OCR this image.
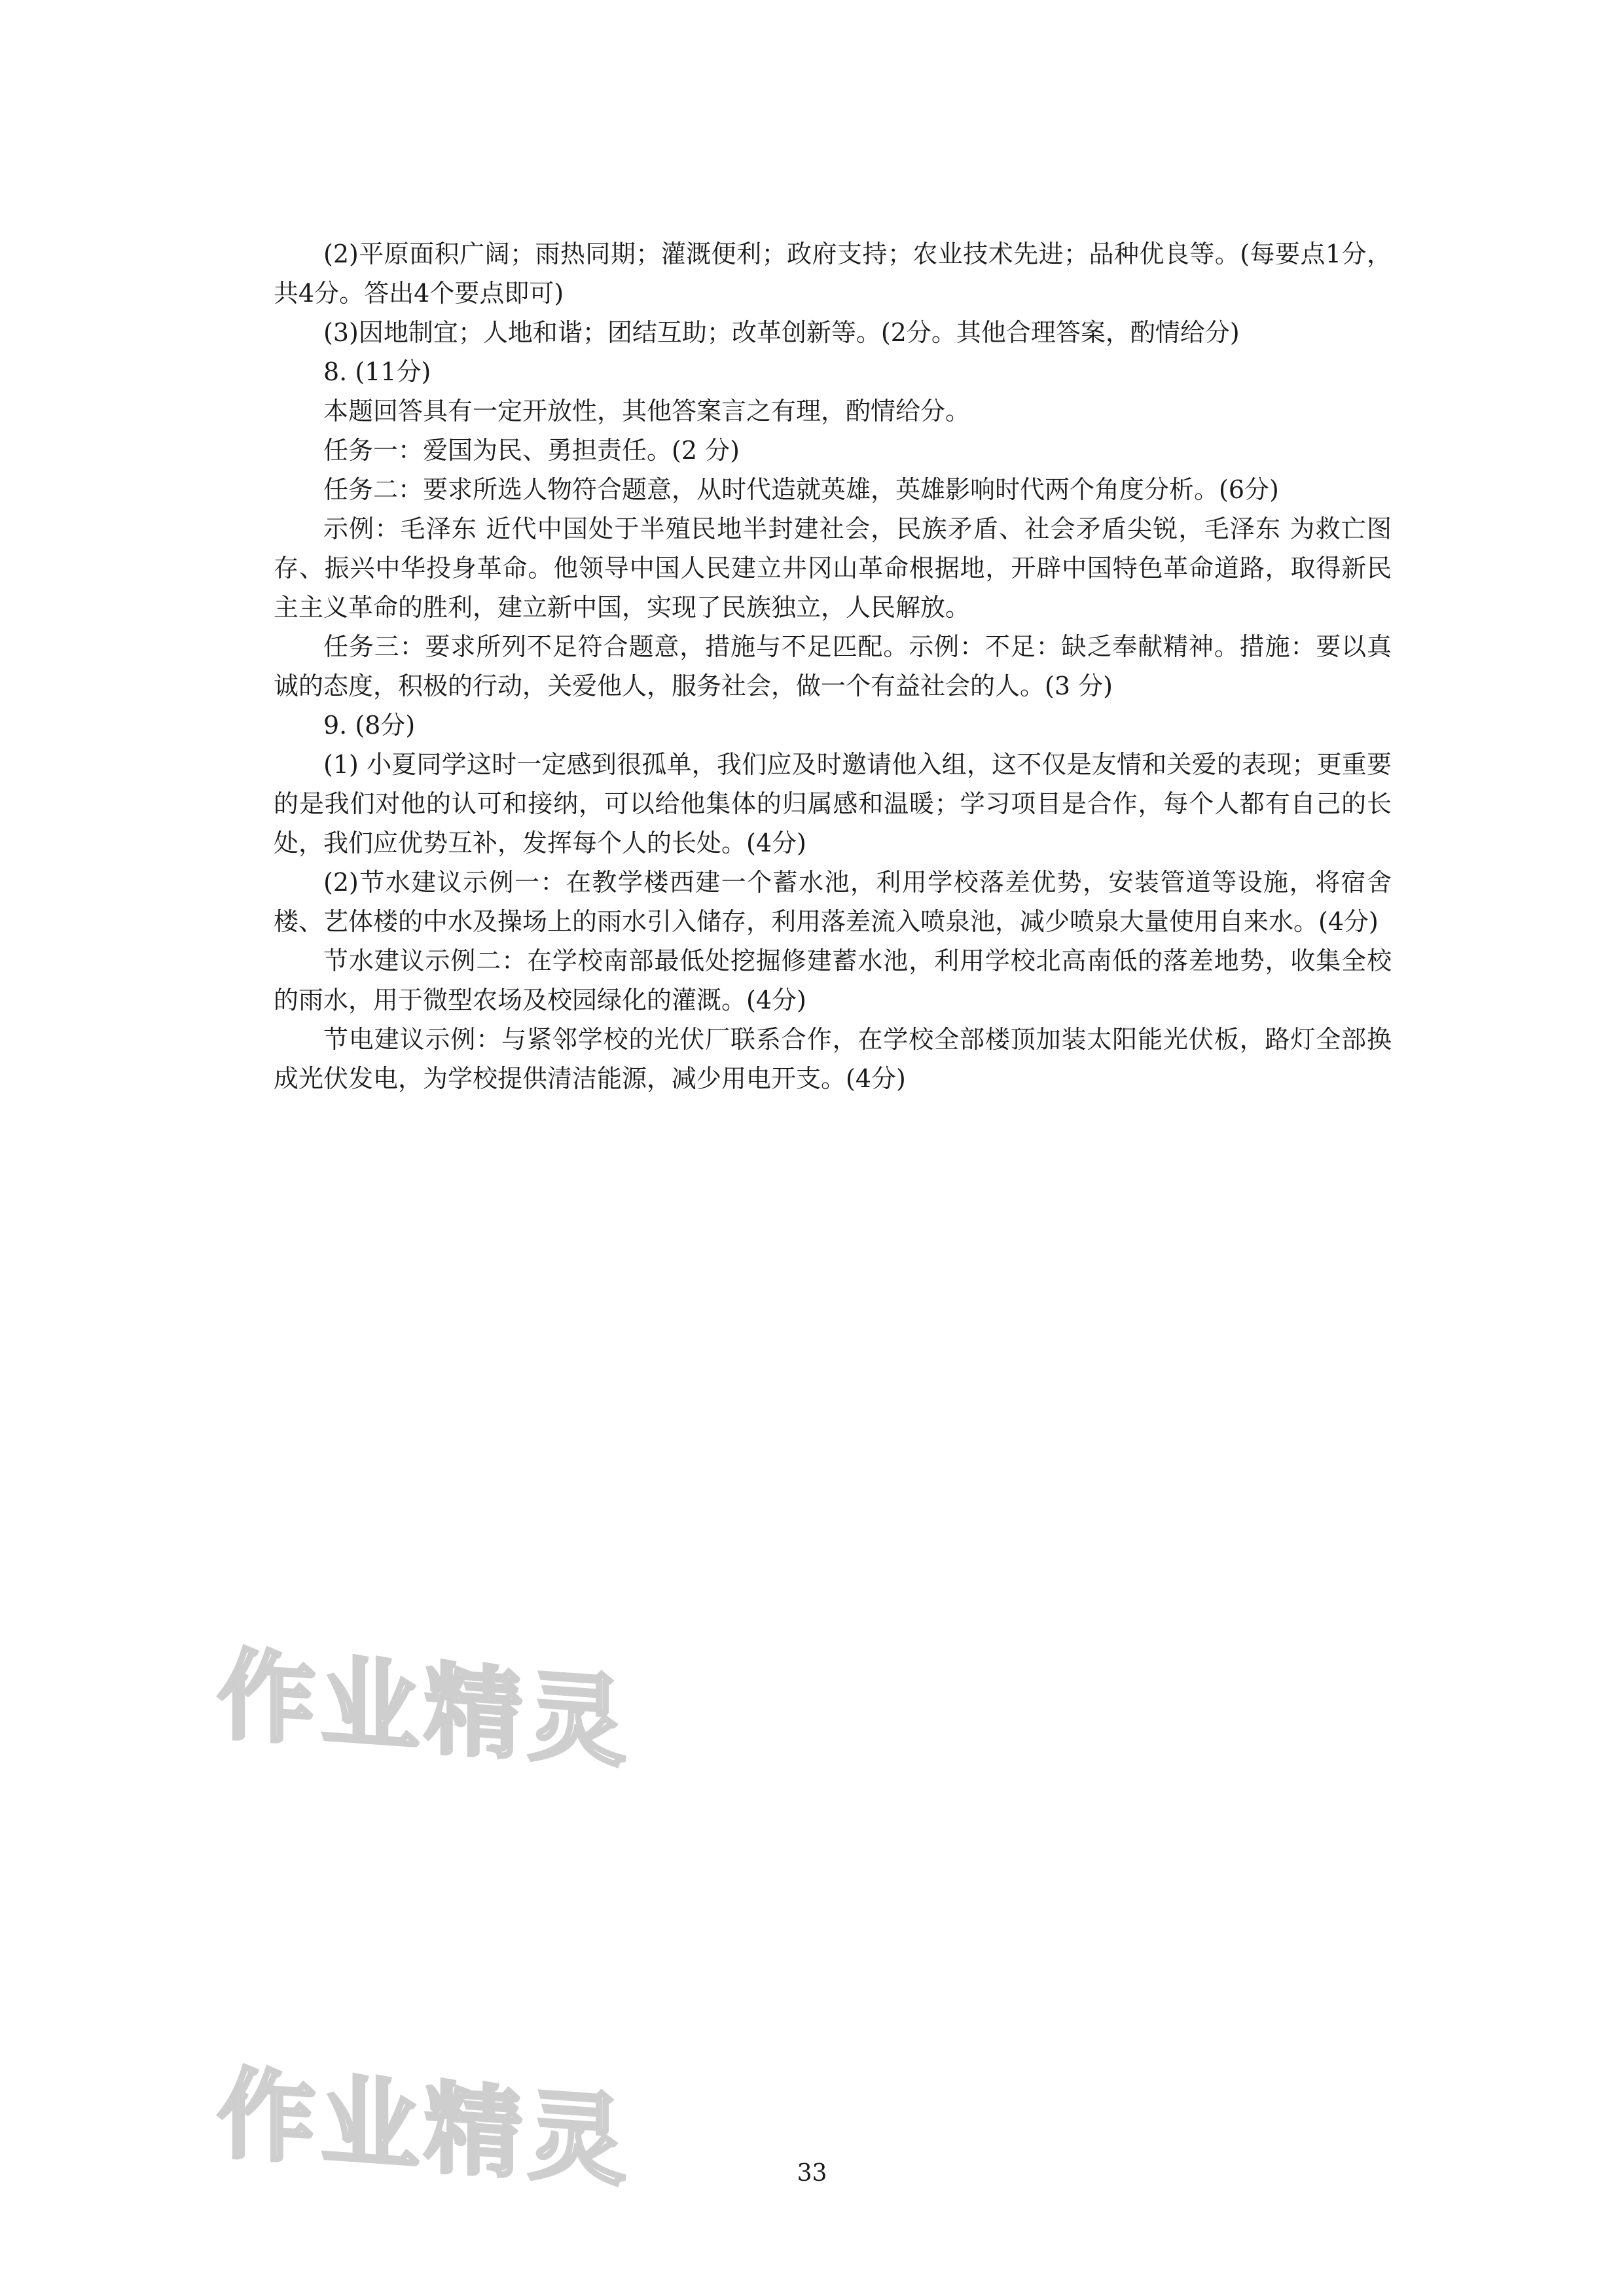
(2)平原面积广阔；雨热同期；灌溉便利；政府支持；农业技术先进；品种优良等。(每要点1分，共4分。答出4个要点即可)

(3)因地制宜；人地和谐；团结互助；改革创新等。(2分。其他合理答案，酌情给分)

8. (11分)

本题回答具有一定开放性，其他答案言之有理，酌情给分。

任务一：爱国为民、勇担责任。(2 分)

任务二：要求所选人物符合题意，从时代造就英雄，英雄影响时代两个角度分析。(6分)

示例：毛泽东 近代中国处于半殖民地半封建社会，民族矛盾、社会矛盾尖锐，毛泽东 为救亡图存、振兴中华投身革命。他领导中国人民建立井冈山革命根据地，开辟中国特色革命道路，取得新民主主义革命的胜利，建立新中国，实现了民族独立，人民解放。

任务三：要求所列不足符合题意，措施与不足匹配。示例：不足：缺乏奉献精神。措施：要以真诚的态度，积极的行动，关爱他人，服务社会，做一个有益社会的人。(3 分)

9. (8分)

(1) 小夏同学这时一定感到很孤单，我们应及时邀请他入组，这不仅是友情和关爱的表现；更重要的是我们对他的认可和接纳，可以给他集体的归属感和温暖；学习项目是合作，每个人都有自己的长处，我们应优势互补，发挥每个人的长处。(4分)

(2)节水建议示例一：在教学楼西建一个蓄水池，利用学校落差优势，安装管道等设施，将宿舍楼、艺体楼的中水及操场上的雨水引入储存，利用落差流入喷泉池，减少喷泉大量使用自来水。(4分)

节水建议示例二：在学校南部最低处挖掘修建蓄水池，利用学校北高南低的落差地势，收集全校的雨水，用于微型农场及校园绿化的灌溉。(4分)

节电建议示例：与紧邻学校的光伏厂联系合作，在学校全部楼顶加装太阳能光伏板，路灯全部换成光伏发电，为学校提供清洁能源，减少用电开支。(4分)

作业精灵
作业精灵	33
